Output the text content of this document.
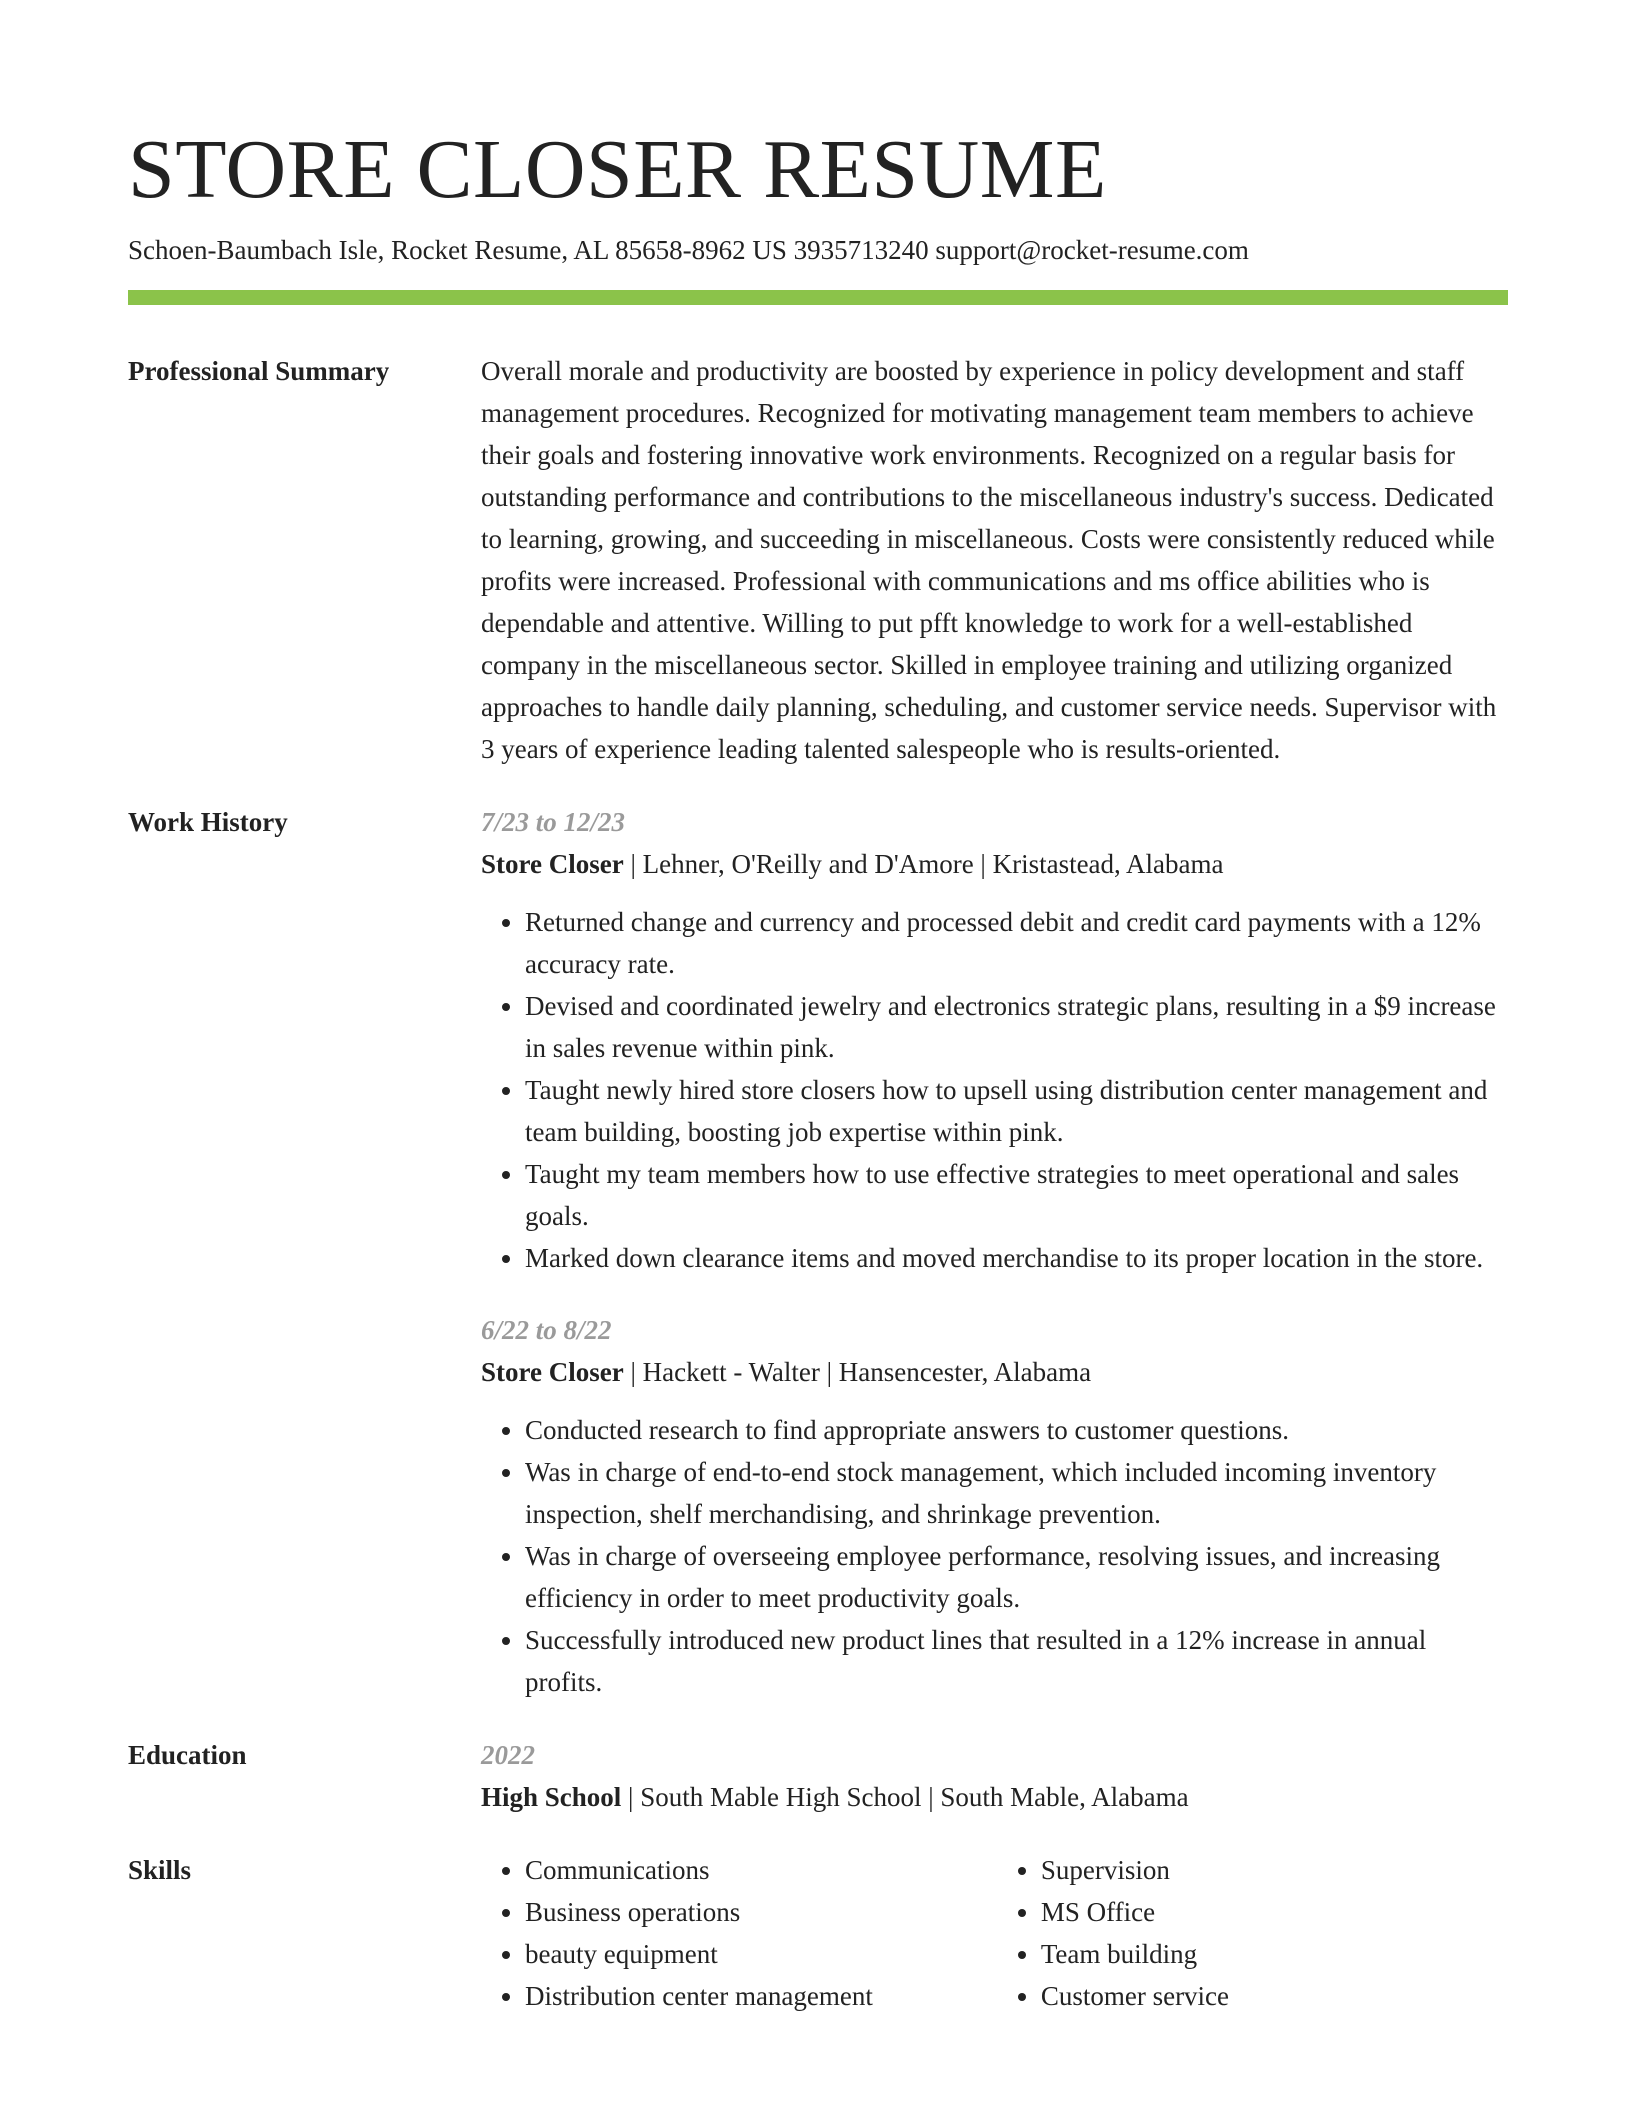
STORE CLOSER RESUME
Schoen-Baumbach Isle, Rocket Resume, AL 85658-8962 US 3935713240 support@rocket-resume.com
Professional Summary	Overall morale and productivity are boosted by experience in policy development and staff management procedures. Recognized for motivating management team members to achieve their goals and fostering innovative work environments. Recognized on a regular basis for outstanding performance and contributions to the miscellaneous industry's success. Dedicated to learning, growing, and succeeding in miscellaneous. Costs were consistently reduced while profits were increased. Professional with communications and ms office abilities who is dependable and attentive. Willing to put pfft knowledge to work for a well-established company in the miscellaneous sector. Skilled in employee training and utilizing organized approaches to handle daily planning, scheduling, and customer service needs. Supervisor with 3 years of experience leading talented salespeople who is results-oriented.

Work History	7/23 to 12/23
Store Closer | Lehner, O'Reilly and D'Amore | Kristastead, Alabama
• Returned change and currency and processed debit and credit card payments with a 12% accuracy rate.
• Devised and coordinated jewelry and electronics strategic plans, resulting in a $9 increase in sales revenue within pink.
• Taught newly hired store closers how to upsell using distribution center management and team building, boosting job expertise within pink.
• Taught my team members how to use effective strategies to meet operational and sales goals.
• Marked down clearance items and moved merchandise to its proper location in the store.
6/22 to 8/22
Store Closer | Hackett - Walter | Hansencester, Alabama
• Conducted research to find appropriate answers to customer questions.
• Was in charge of end-to-end stock management, which included incoming inventory inspection, shelf merchandising, and shrinkage prevention.
• Was in charge of overseeing employee performance, resolving issues, and increasing efficiency in order to meet productivity goals.
• Successfully introduced new product lines that resulted in a 12% increase in annual profits.
Education	2022
High School | South Mable High School | South Mable, Alabama
Skills
•	Communications
• Business operations
• beauty equipment
• Distribution center management
• Supervision
• MS Office
• Team building
• Customer service
